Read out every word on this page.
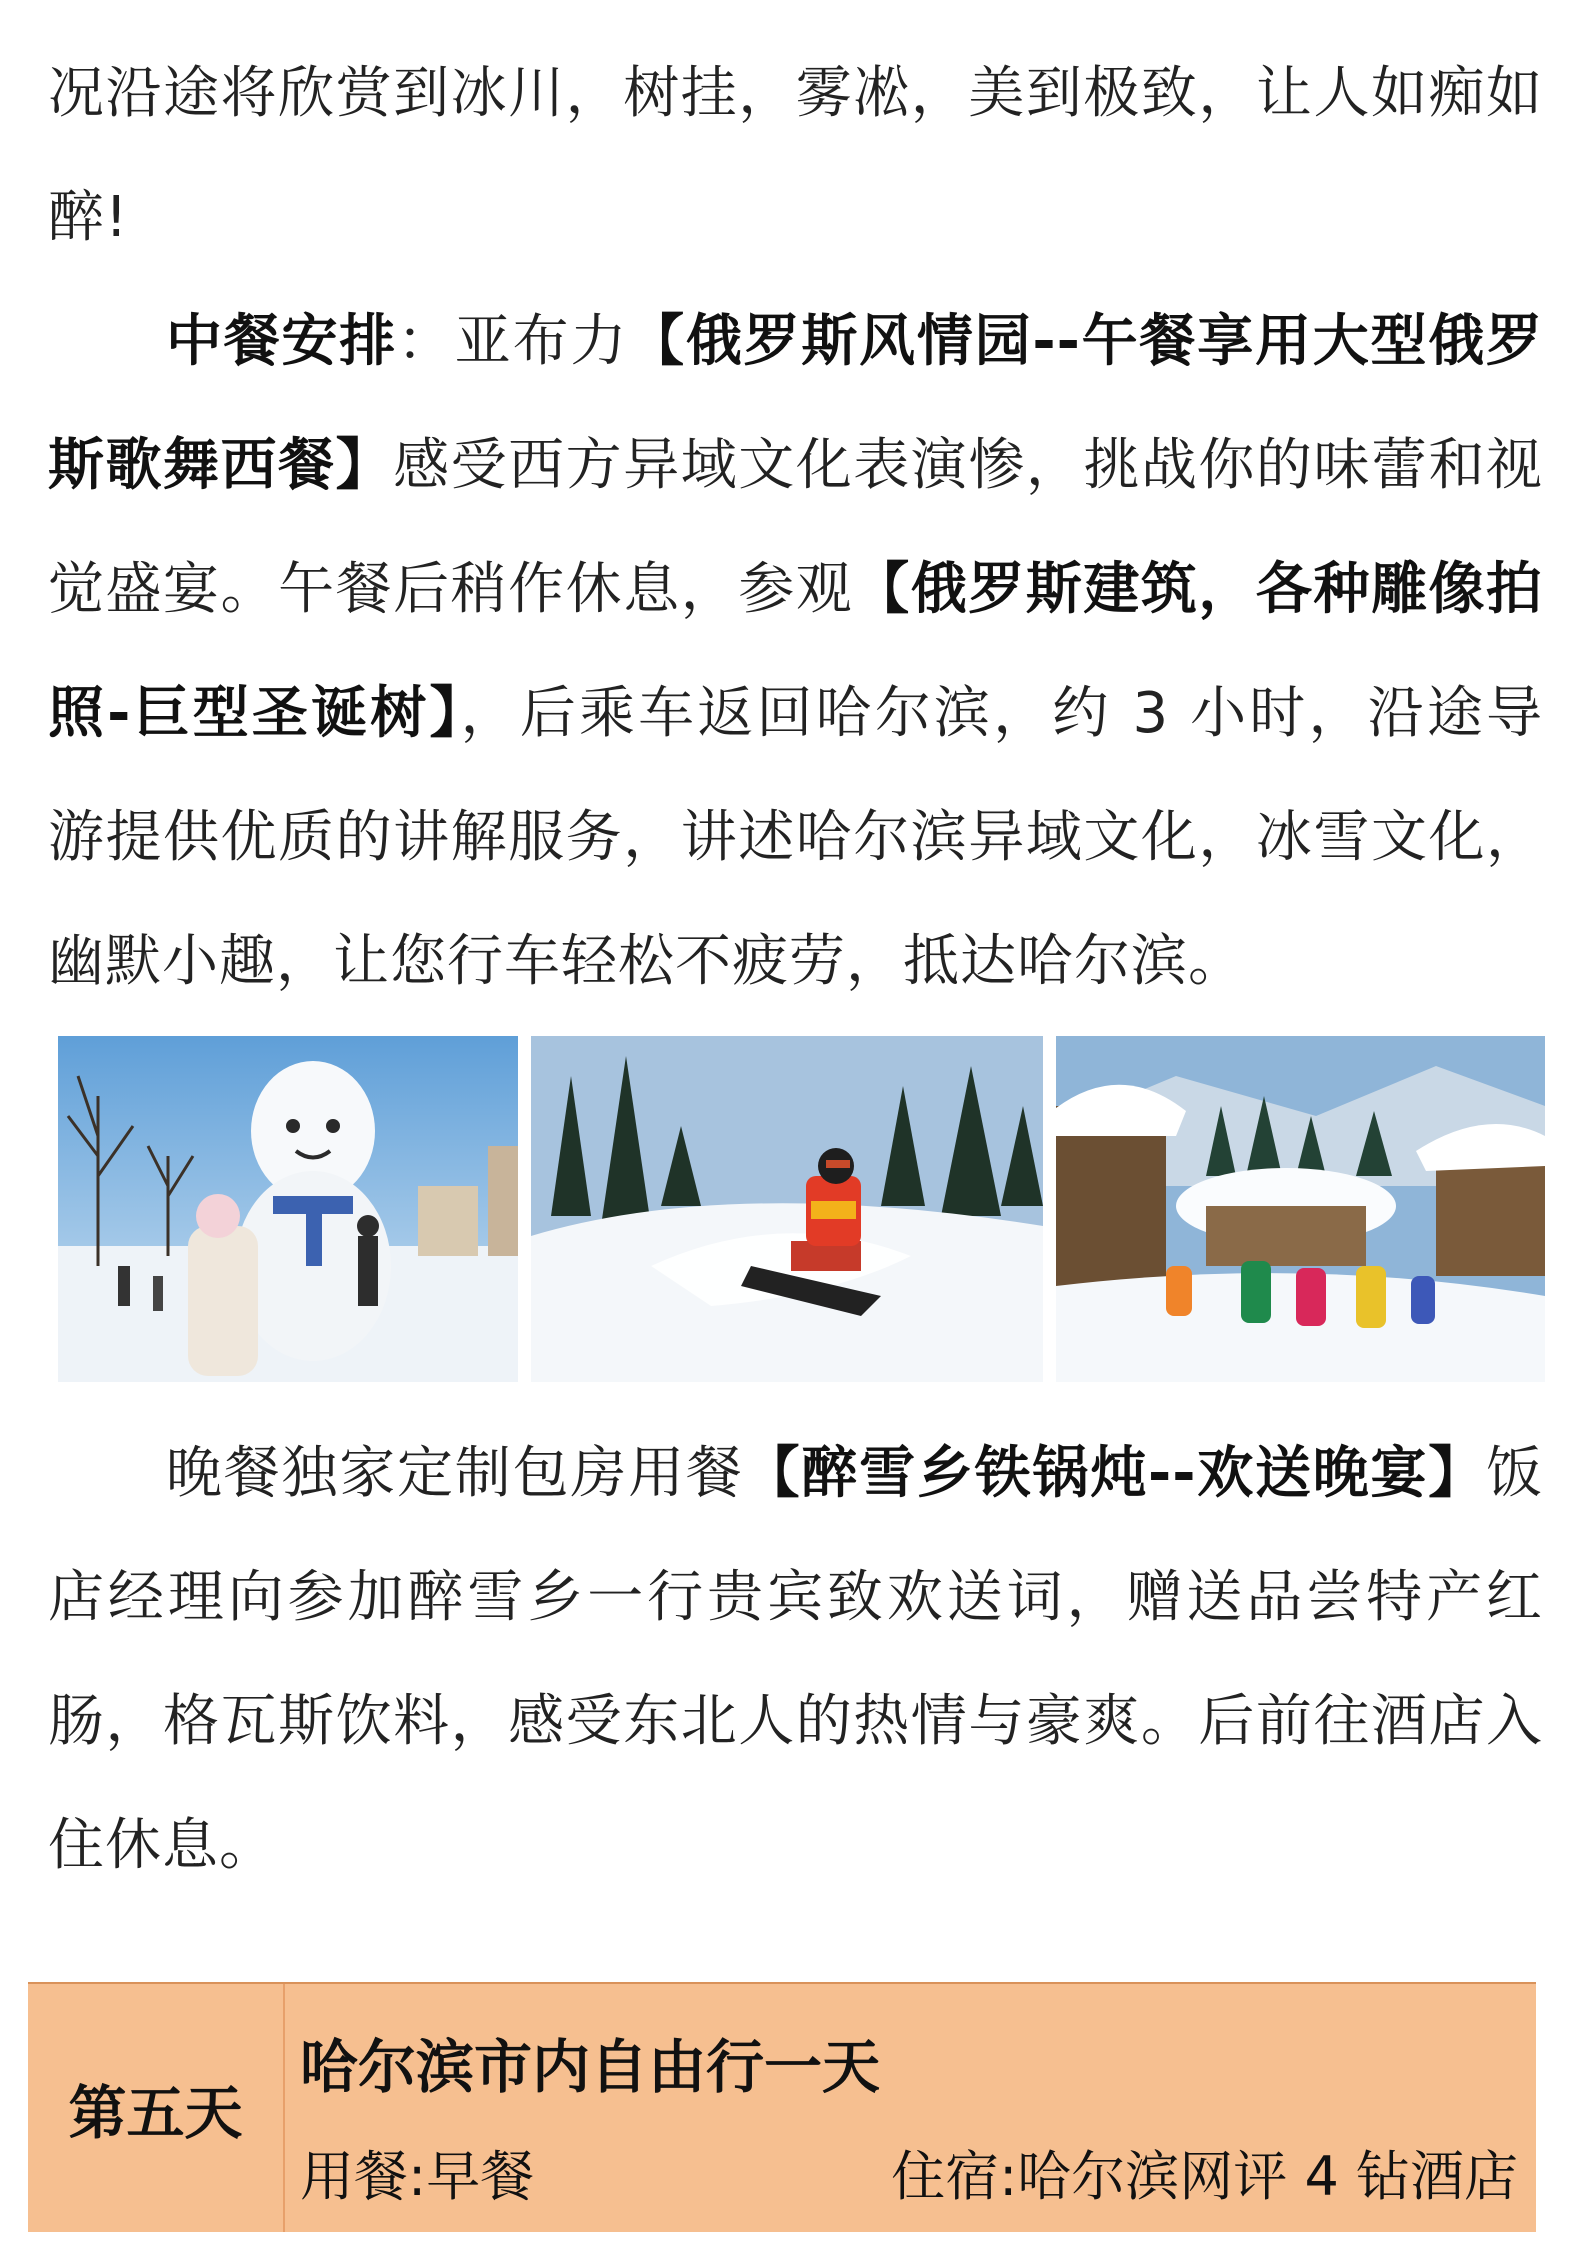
况沿途将欣赏到冰川，树挂，雾凇，美到极致，让人如痴如醉!

中餐安排：亚布力【俄罗斯风情园--午餐享用大型俄罗斯歌舞西餐】感受西方异域文化表演惨，挑战你的味蕾和视觉盛宴。午餐后稍作休息，参观【俄罗斯建筑，各种雕像拍照-巨型圣诞树】，后乘车返回哈尔滨，约 3 小时，沿途导游提供优质的讲解服务，讲述哈尔滨异域文化，冰雪文化，幽默小趣，让您行车轻松不疲劳，抵达哈尔滨。

晚餐独家定制包房用餐【醉雪乡铁锅炖--欢送晚宴】饭店经理向参加醉雪乡一行贵宾致欢送词，赠送品尝特产红肠，格瓦斯饮料，感受东北人的热情与豪爽。后前往酒店入住休息。

第五天
哈尔滨市内自由行一天
用餐:早餐	住宿:哈尔滨网评 4 钻酒店
